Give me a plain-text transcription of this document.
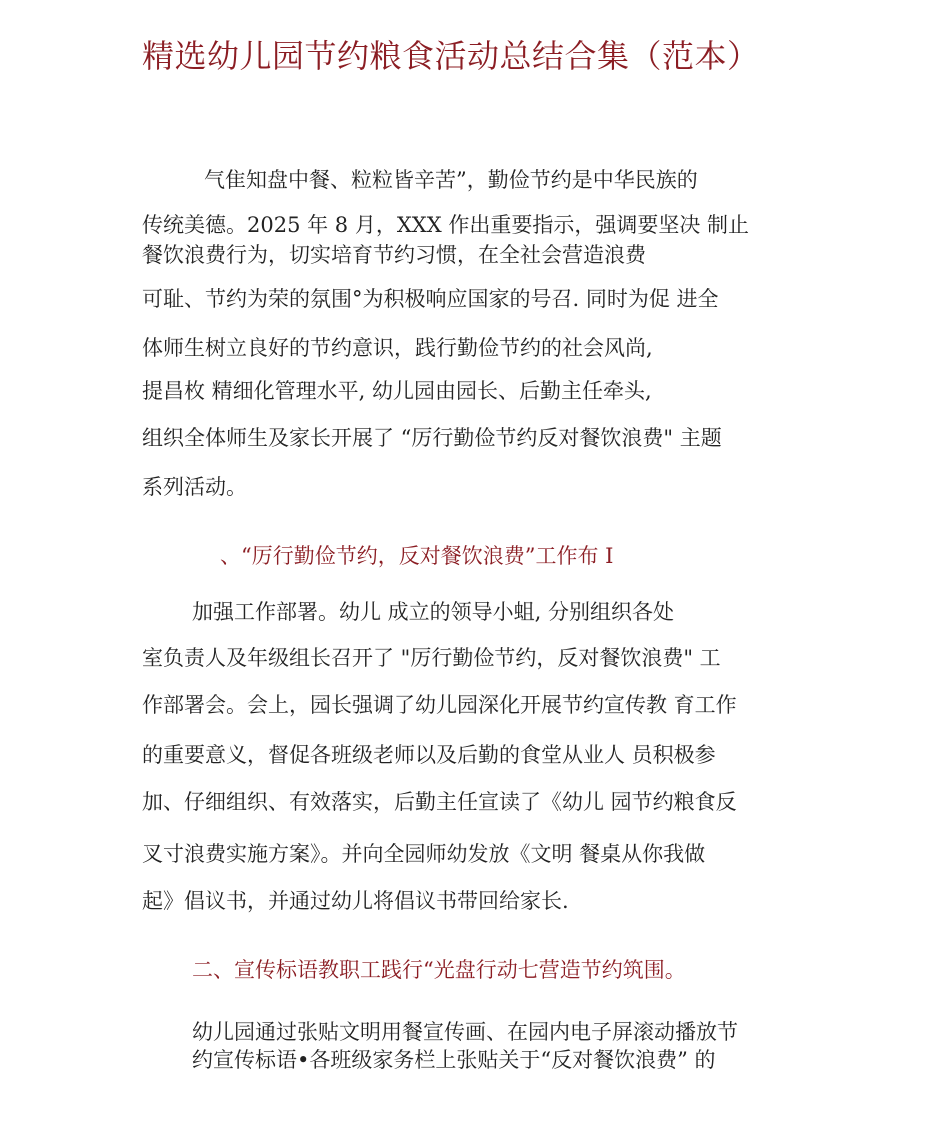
精选幼儿园节约粮食活动总结合集（范本）
气隹知盘中餐、粒粒皆辛苦”，勤俭节约是中华民族的
传统美德。2025 年 8 月，XXX 作出重要指示，强调要坚决 制止
餐饮浪费行为，切实培育节约习惯，在全社会营造浪费
可耻、节约为荣的氛围°为积极响应国家的号召. 同时为促 进全
体师生树立良好的节约意识，践行勤俭节约的社会风尚,
提昌枚 精细化管理水平, 幼儿园由园长、后勤主任牵头,
组织全体师生及家长开展了 “厉行勤俭节约反对餐饮浪费" 主题
系列活动。
、“厉行勤俭节约，反对餐饮浪费”工作布 I
加强工作部署。幼儿 成立的领导小蛆, 分别组织各处
室负责人及年级组长召开了 "厉行勤俭节约，反对餐饮浪费" 工
作部署会。会上，园长强调了幼儿园深化开展节约宣传教 育工作
的重要意义，督促各班级老师以及后勤的食堂从业人 员积极参
加、仔细组织、有效落实，后勤主任宣读了《幼儿 园节约粮食反
叉寸浪费实施方案》。并向全园师幼发放《文明 餐桌从你我做
起》倡议书，并通过幼儿将倡议书带回给家长.
二、宣传标语教职工践行“光盘行动七营造节约筑围。
幼儿园通过张贴文明用餐宣传画、在园内电子屏滚动播放节
约宣传标语•各班级家务栏上张贴关于“反对餐饮浪费” 的
